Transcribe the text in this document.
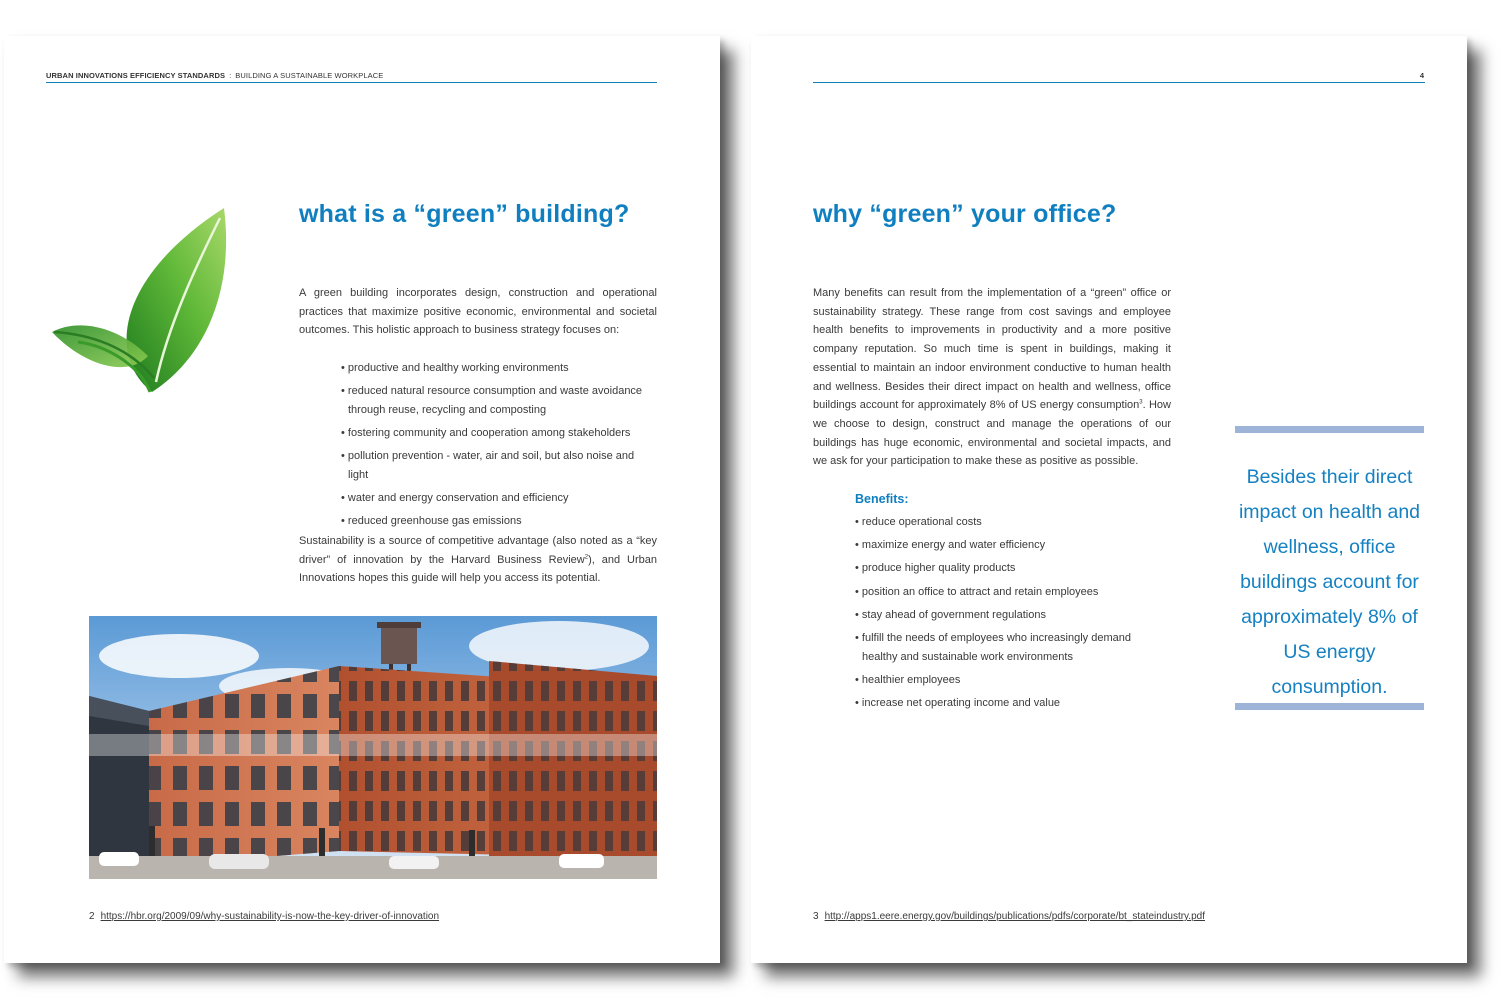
URBAN INNOVATIONS EFFICIENCY STANDARDS : BUILDING A SUSTAINABLE WORKPLACE
what is a “green” building?

A green building incorporates design, construction and operational practices that maximize positive economic, environmental and societal outcomes. This holistic approach to business strategy focuses on:

• productive and healthy working environments
• reduced natural resource consumption and waste avoidance through reuse, recycling and composting
• fostering community and cooperation among stakeholders
• pollution prevention - water, air and soil, but also noise and light
• water and energy conservation and efficiency
• reduced greenhouse gas emissions

Sustainability is a source of competitive advantage (also noted as a “key driver” of innovation by the Harvard Business Review$^2$), and Urban Innovations hopes this guide will help you access its potential.

2 https://hbr.org/2009/09/why-sustainability-is-now-the-key-driver-of-innovation
4
why “green” your office?

Many benefits can result from the implementation of a “green” office or sustainability strategy. These range from cost savings and employee health benefits to improvements in productivity and a more positive company reputation. So much time is spent in buildings, making it essential to maintain an indoor environment conductive to human health and wellness. Besides their direct impact on health and wellness, office buildings account for approximately 8% of US energy consumption$^3$. How we choose to design, construct and manage the operations of our buildings has huge economic, environmental and societal impacts, and we ask for your participation to make these as positive as possible.

Benefits:

• reduce operational costs
• maximize energy and water efficiency
• produce higher quality products
• position an office to attract and retain employees
• stay ahead of government regulations
• fulfill the needs of employees who increasingly demand healthy and sustainable work environments
• healthier employees
• increase net operating income and value

Besides their direct impact on health and wellness, office buildings account for approximately 8% of US energy consumption.

3 http://apps1.eere.energy.gov/buildings/publications/pdfs/corporate/bt_stateindustry.pdf
